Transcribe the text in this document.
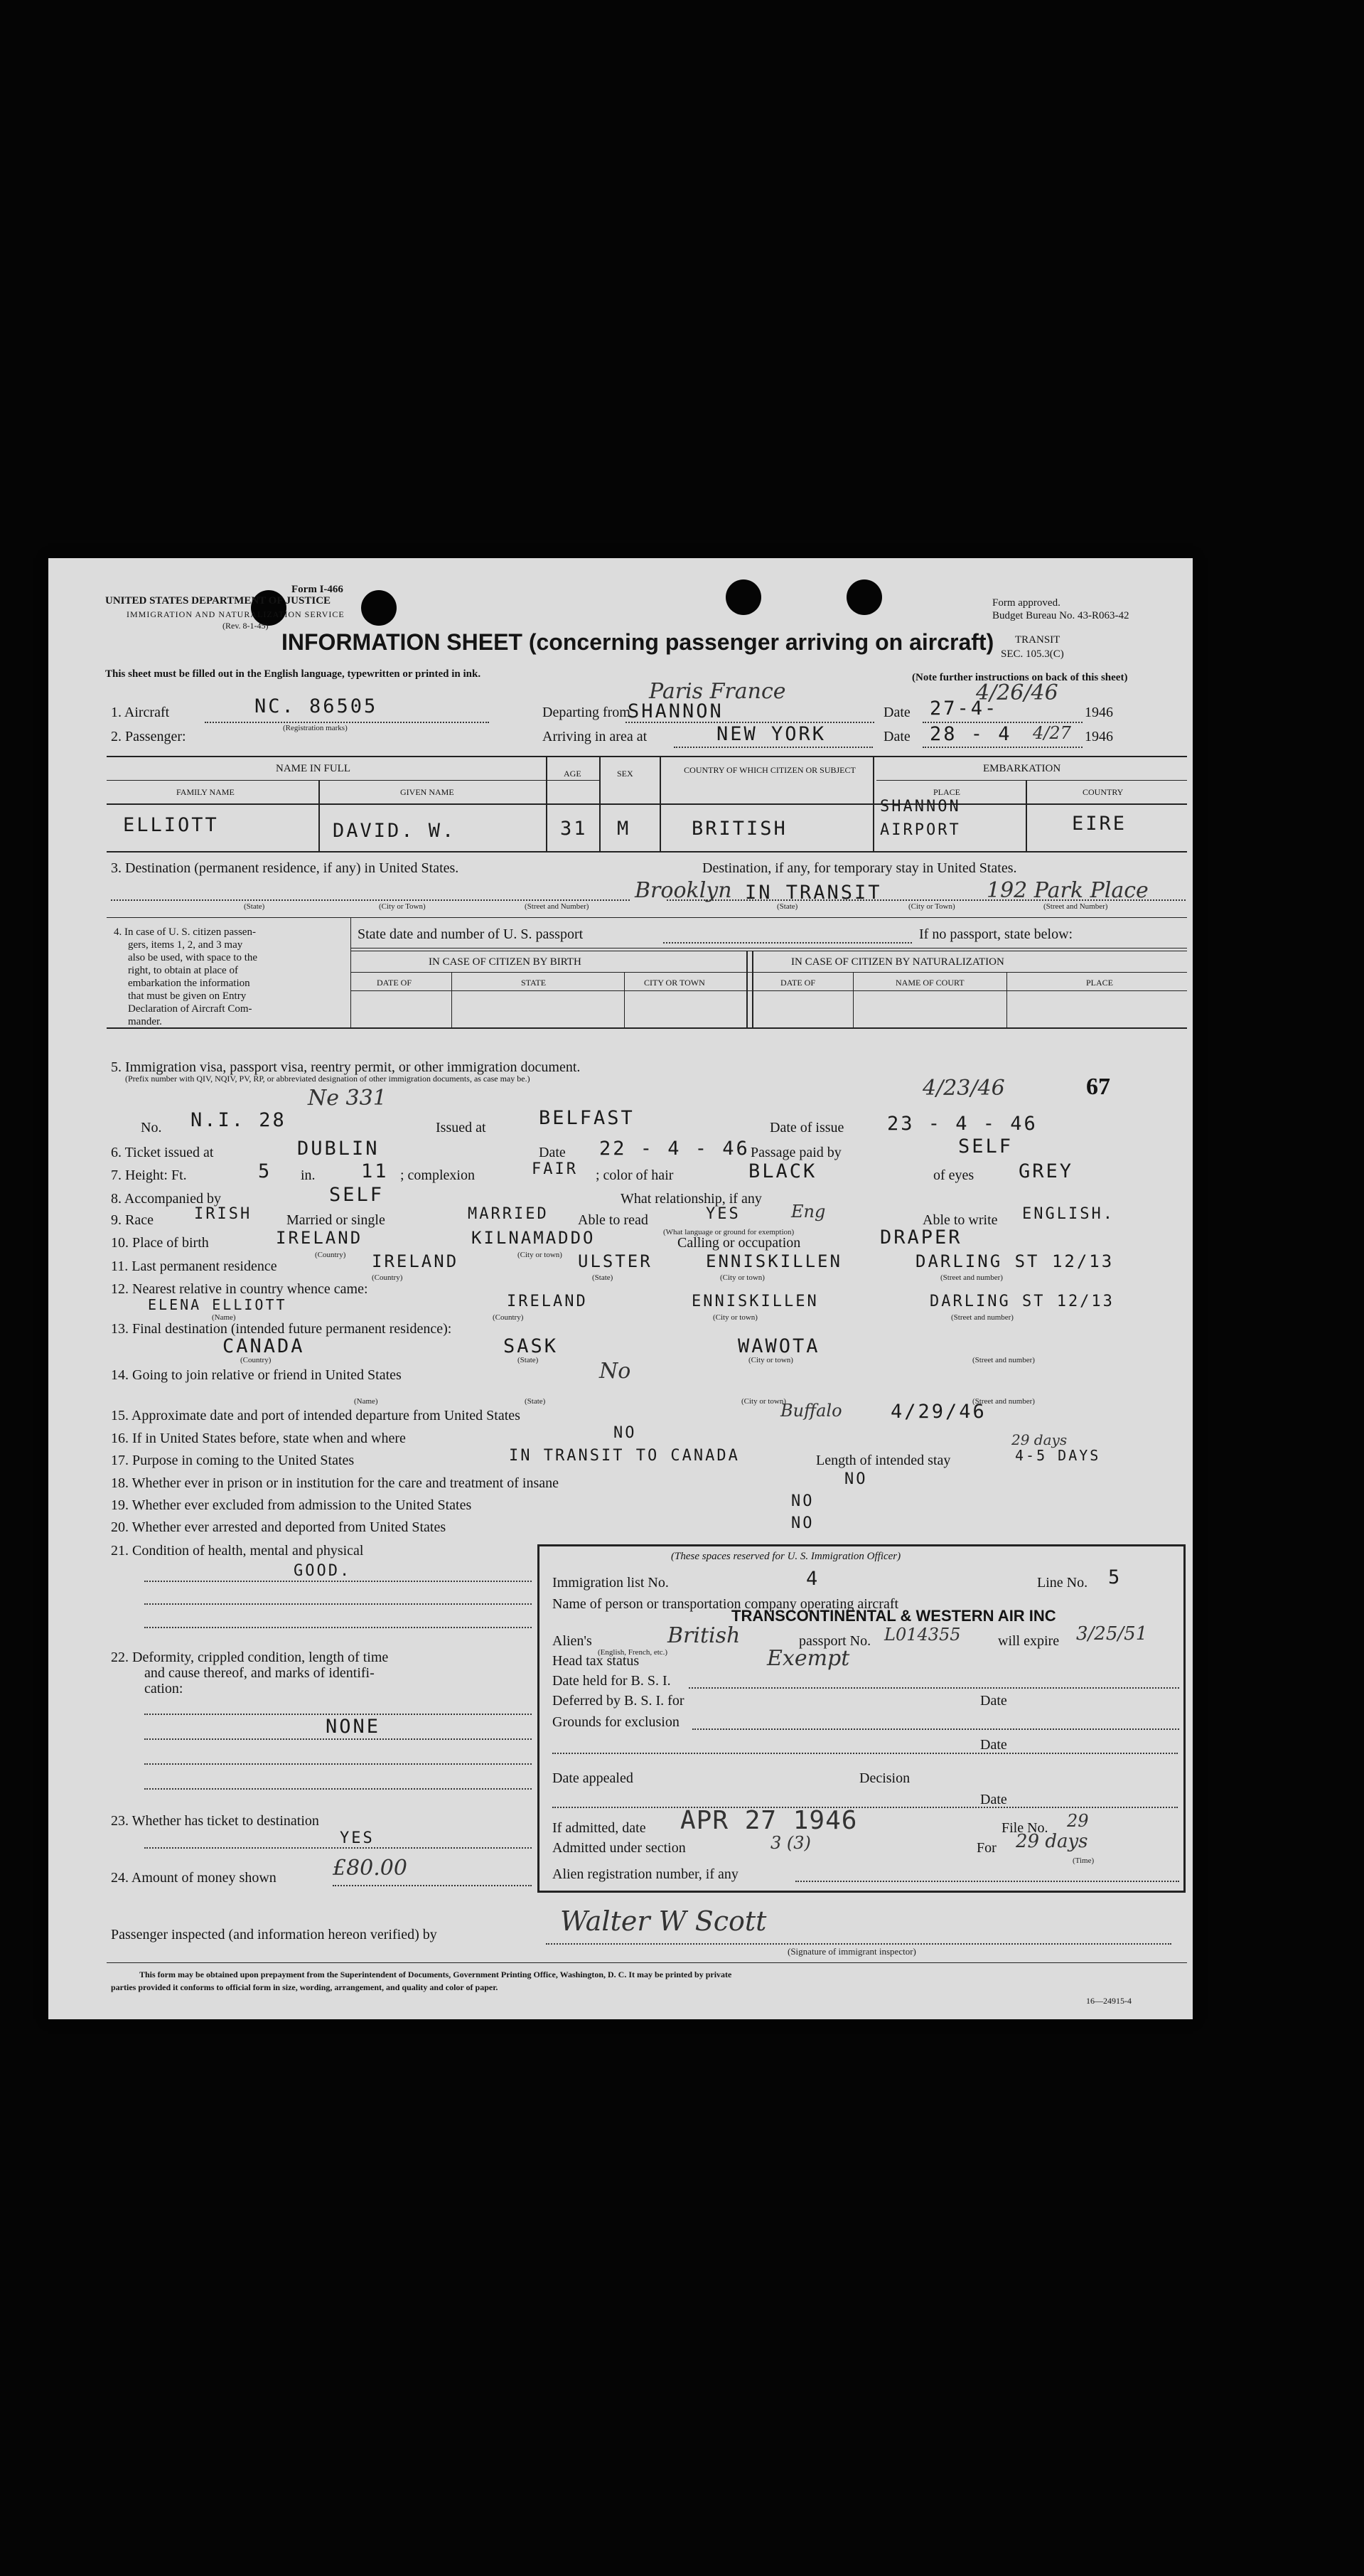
Form I-466
UNITED STATES DEPARTMENT OF JUSTICE
IMMIGRATION AND NATURALIZATION SERVICE
(Rev. 8-1-45)
Form approved.
Budget Bureau No. 43-R063-42
TRANSIT
SEC. 105.3(C)
INFORMATION SHEET (concerning passenger arriving on aircraft)
This sheet must be filled out in the English language, typewritten or printed in ink.	(Note further instructions on back of this sheet)
1. Aircraft	NC. 86505
(Registration marks)
Departing from
SHANNON
Paris France
Date 27-4-
4/26/46
1946
2. Passenger:	Arriving in area at	NEW YORK	Date 28 - 4 4/27 1946
NAME IN FULL
FAMILY NAME	GIVEN NAME
AGE	SEX	COUNTRY OF WHICH CITIZEN OR SUBJECT	EMBARKATION
PLACE	COUNTRY
ELLIOTT	DAVID. W.	31 M	BRITISH
SHANNON
AIRPORT	EIRE
3. Destination (permanent residence, if any) in United States.	Destination, if any, for temporary stay in United States.
Brooklyn IN TRANSIT	192 Park Place
(State)	(City or Town)	(Street and Number)	(State)	(City or Town)	(Street and Number)
4. In case of U. S. citizen passen-
gers, items 1, 2, and 3 may
also be used, with space to the
right, to obtain at place of
embarkation the information
that must be given on Entry
Declaration of Aircraft Com-
mander.
State date and number of U. S. passport	If no passport, state below:
IN CASE OF CITIZEN BY BIRTH	IN CASE OF CITIZEN BY NATURALIZATION
DATE OF	STATE	CITY OR TOWN	DATE OF	NAME OF COURT	PLACE
5. Immigration visa, passport visa, reentry permit, or other immigration document.
(Prefix number with QIV, NQIV, PV, RP, or abbreviated designation of other immigration documents, as case may be.)	67
No. N.I. 28
Ne 331
Issued at	BELFAST	Date of issue 23 - 4 - 46
4/23/46
6. Ticket issued at	DUBLIN	Date 22 - 4 - 46 Passage paid by	SELF
7. Height: Ft.	5 in. 11 ; complexion	FAIR ; color of hair	BLACK	of eyes GREY
8. Accompanied by	SELF	What relationship, if any
9. Race	IRISH Married or single	MARRIED Able to read	YES	Eng
(What language or ground for exemption)
Able to write ENGLISH.
10. Place of birth	IRELAND	KILNAMADDO	Calling or occupation	DRAPER
(Country)	(City or town)
11. Last permanent residence	IRELAND	ULSTER	ENNISKILLEN	DARLING ST 12/13
(Country)	(State)	(City or town)	(Street and number)
12. Nearest relative in country whence came:
ELENA ELLIOTT	IRELAND	ENNISKILLEN	DARLING ST 12/13
(Name)	(Country)	(City or town)	(Street and number)
13. Final destination (intended future permanent residence):
CANADA	SASK	WAWOTA
(Country)	(State)	(City or town)	(Street and number)
14. Going to join relative or friend in United States	No
(Name)	(State)	(City or town)	(Street and number)
15. Approximate date and port of intended departure from United States	Buffalo	4/29/46
16. If in United States before, state when and where	NO
17. Purpose in coming to the United States	IN TRANSIT TO CANADA	Length of intended stay	4-5 DAYS
29 days
18. Whether ever in prison or in institution for the care and treatment of insane	NO
19. Whether ever excluded from admission to the United States	NO
20. Whether ever arrested and deported from United States	NO
21. Condition of health, mental and physical
GOOD.
22. Deformity, crippled condition, length of time
and cause thereof, and marks of identifi-
cation:
NONE
23. Whether has ticket to destination
YES
24. Amount of money shown	£80.00
(These spaces reserved for U. S. Immigration Officer)
Immigration list No.	4	Line No. 5
Name of person or transportation company operating aircraft
TRANSCONTINENTAL & WESTERN AIR INC
Alien's	British
(English, French, etc.)
passport No. L014355	will expire 3/25/51
Head tax status	Exempt
Date held for B. S. I.
Deferred by B. S. I. for	Date
Grounds for exclusion
Date
Date appealed	Decision
Date
If admitted, date APR 27 1946	File No. 29
Admitted under section	3 (3)	For 29 days
(Time)
Alien registration number, if any
Passenger inspected (and information hereon verified) by	Walter W Scott
(Signature of immigrant inspector)
This form may be obtained upon prepayment from the Superintendent of Documents, Government Printing Office, Washington, D. C. It may be printed by private
parties provided it conforms to official form in size, wording, arrangement, and quality and color of paper.
16—24915-4
